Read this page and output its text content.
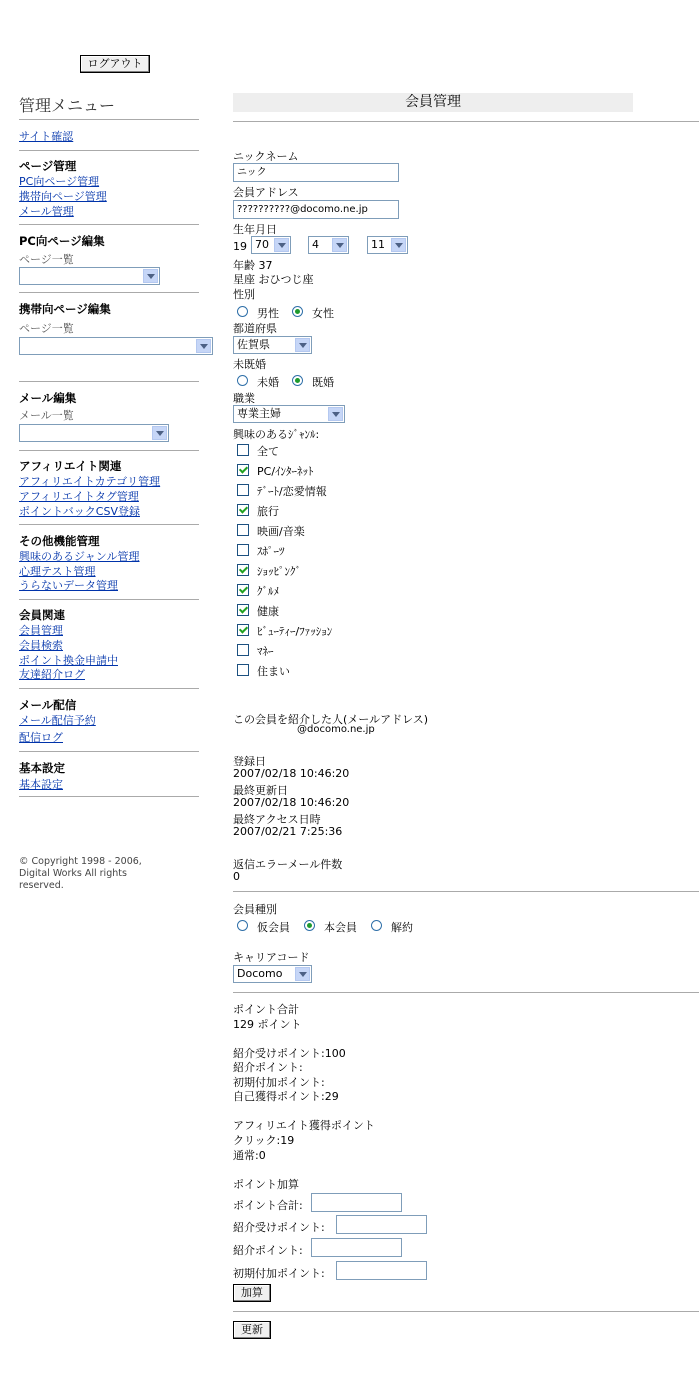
ログアウト
管理メニュー
サイト確認
ページ管理
PC向ページ管理
携帯向ページ管理
メール管理
PC向ページ編集
ページ一覧
携帯向ページ編集
ページ一覧
メール編集
メール一覧
アフィリエイト関連
アフィリエイトカテゴリ管理
アフィリエイトタグ管理
ポイントバックCSV登録
その他機能管理
興味のあるジャンル管理
心理テスト管理
うらないデータ管理
会員関連
会員管理
会員検索
ポイント換金申請中
友達紹介ログ
メール配信
メール配信予約
配信ログ
基本設定
基本設定
© Copyright 1998 - 2006,
Digital Works All rights
reserved.
会員管理
ニックネーム
ニック
会員アドレス
??????????@docomo.ne.jp
生年月日
19 70	4	11
年齢 37
星座 おひつじ座
性別
男性	女性
都道府県
佐賀県
未既婚
未婚	既婚
職業
専業主婦
興味のあるｼﾞｬﾝﾙ:
全て
PC/ｲﾝﾀｰﾈｯﾄ
ﾃﾞｰﾄ/恋愛情報
旅行
映画/音楽
ｽﾎﾟｰﾂ
ｼｮｯﾋﾟﾝｸﾞ
ｸﾞﾙﾒ
健康
ﾋﾞｭｰﾃｨｰ/ﾌｧｯｼｮﾝ
ﾏﾈｰ
住まい
この会員を紹介した人(メールアドレス)
@docomo.ne.jp
登録日
2007/02/18 10:46:20
最終更新日
2007/02/18 10:46:20
最終アクセス日時
2007/02/21 7:25:36
返信エラーメール件数
0
会員種別
仮会員	本会員	解約
キャリアコード
Docomo
ポイント合計
129 ポイント
紹介受けポイント:100
紹介ポイント:
初期付加ポイント:
自己獲得ポイント:29
アフィリエイト獲得ポイント
クリック:19
通常:0
ポイント加算
ポイント合計:
紹介受けポイント:
紹介ポイント:
初期付加ポイント:
加算
更新
